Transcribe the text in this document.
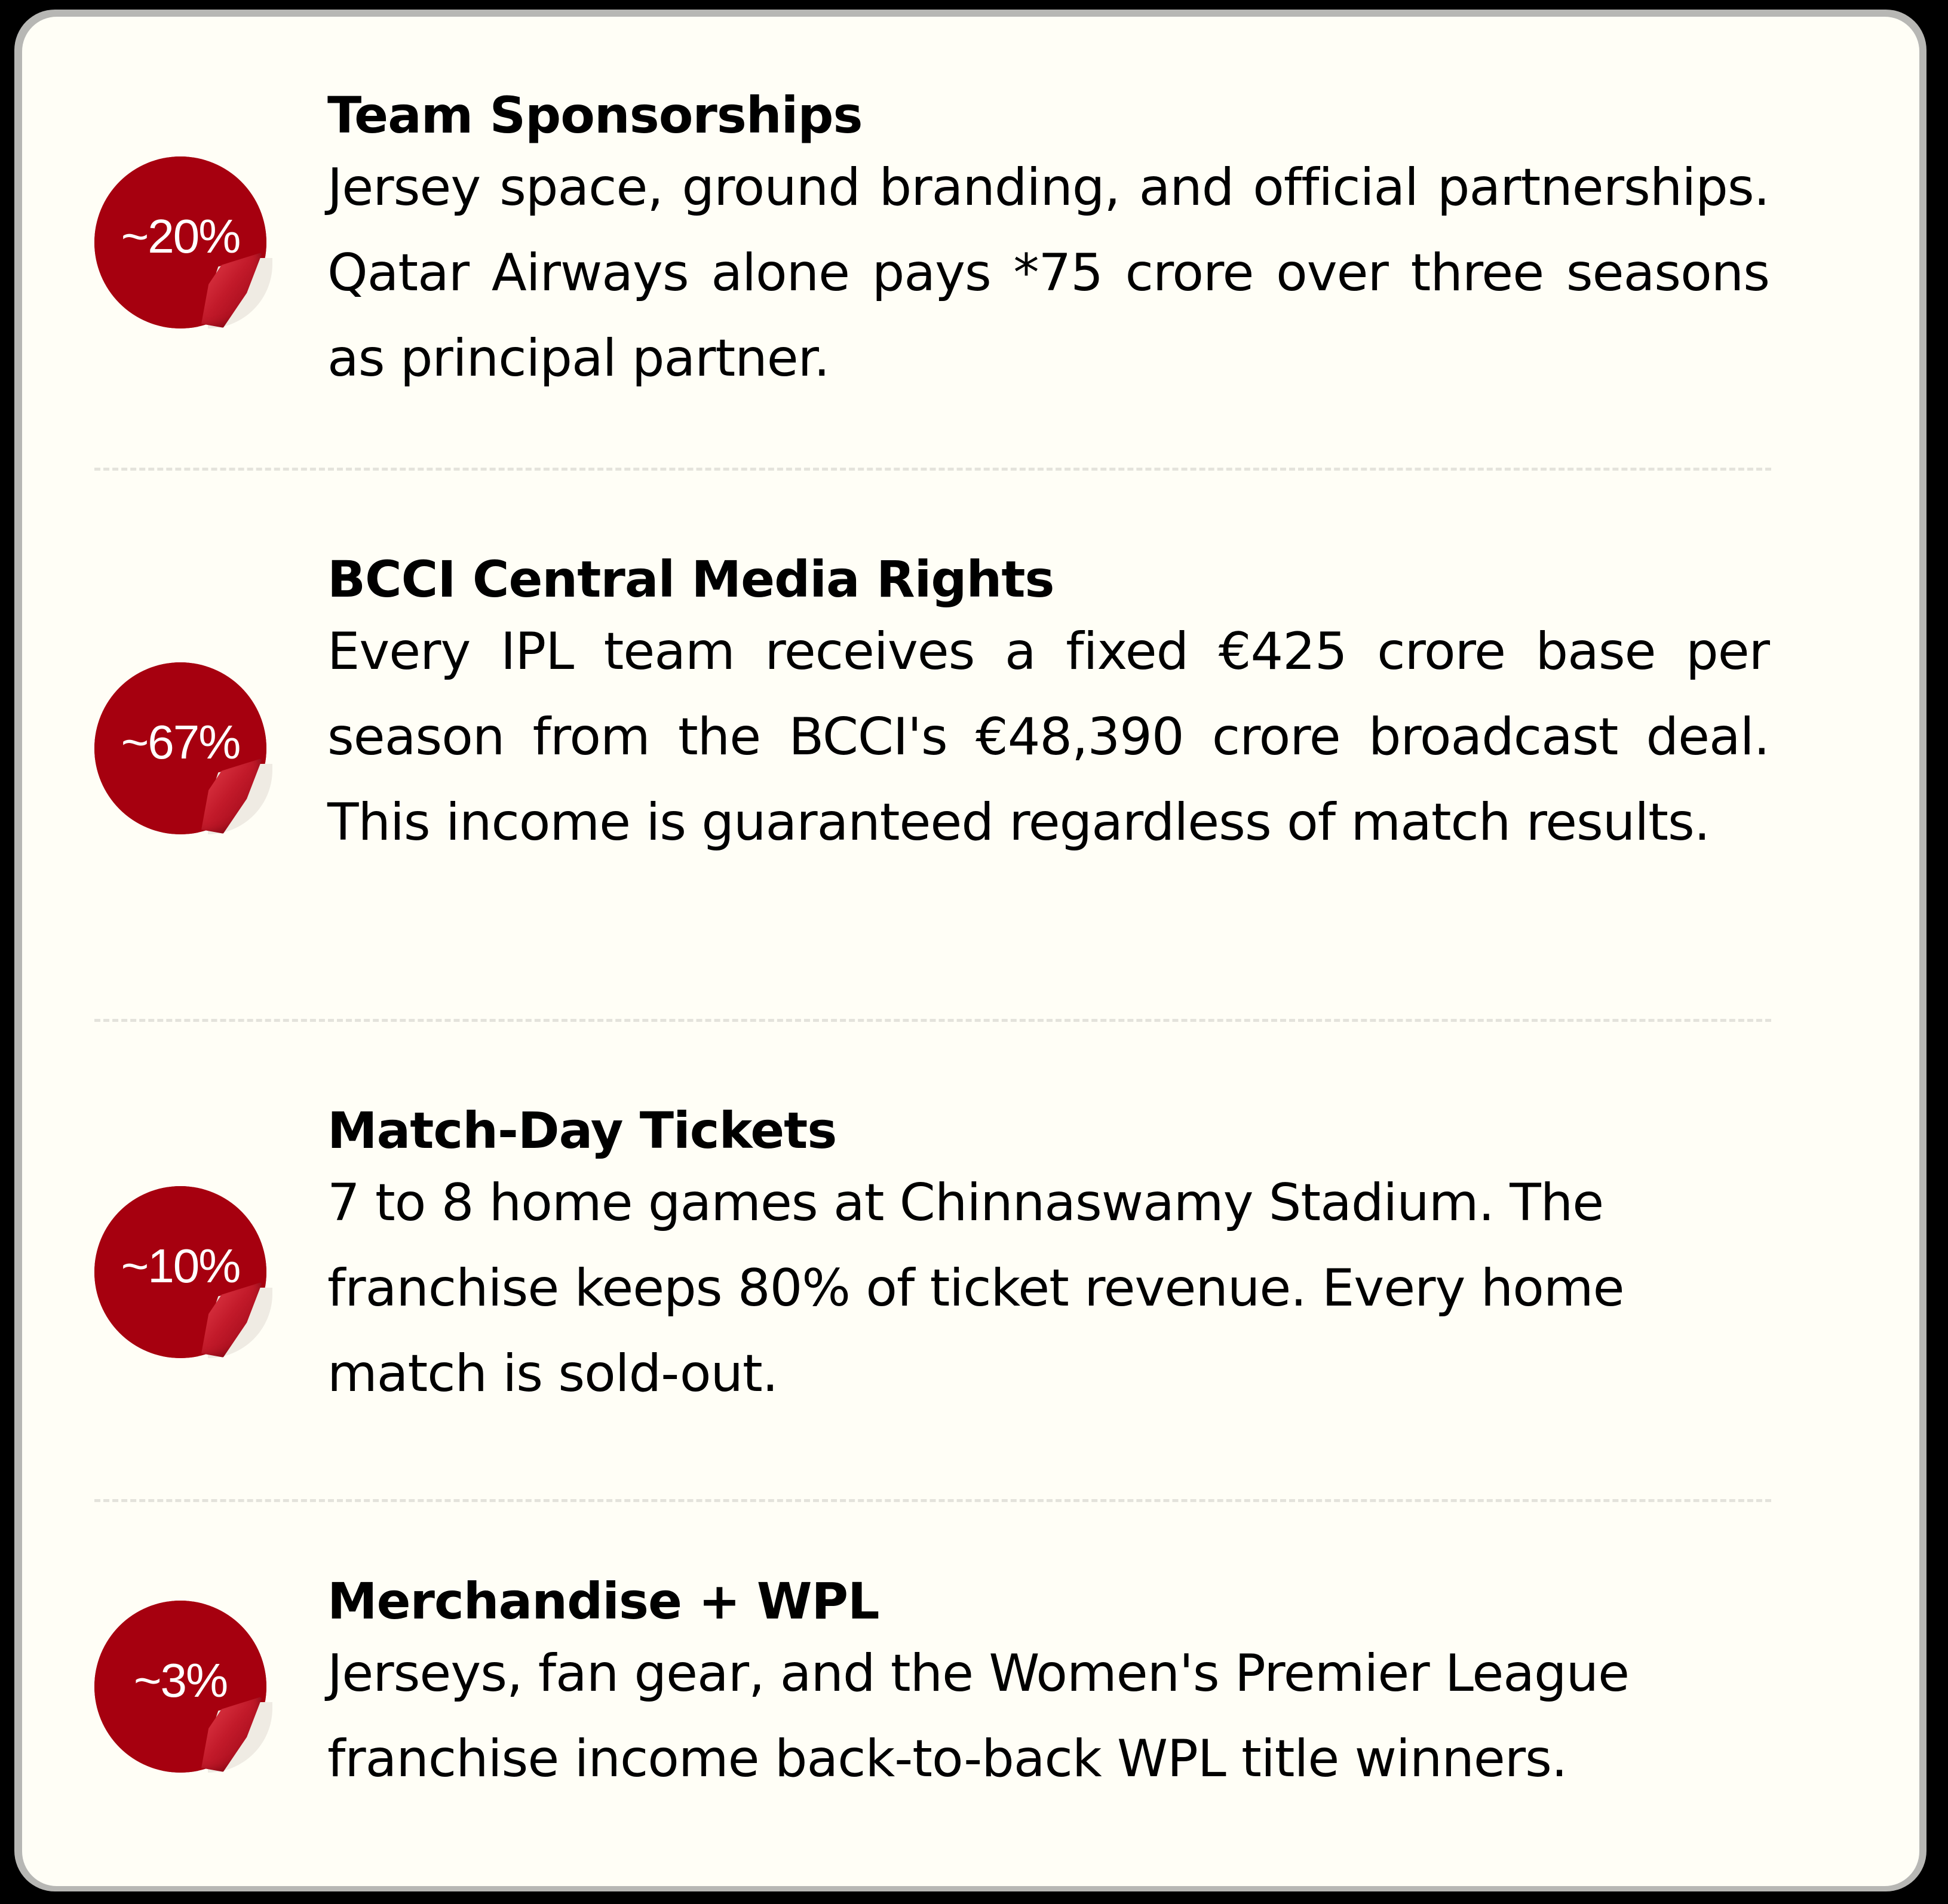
~20%
Team Sponsorships

Jersey space, ground branding, and official partnerships. Qatar Airways alone pays *75 crore over three seasons as principal partner.

~67%
BCCI Central Media Rights

Every IPL team receives a fixed €425 crore base per season from the BCCI's €48,390 crore broadcast deal. This income is guaranteed regardless of match results.

~10%
Match-Day Tickets

7 to 8 home games at Chinnaswamy Stadium. The franchise keeps 80% of ticket revenue. Every home match is sold-out.

~3%
Merchandise + WPL

Jerseys, fan gear, and the Women's Premier League franchise income back-to-back WPL title winners.
